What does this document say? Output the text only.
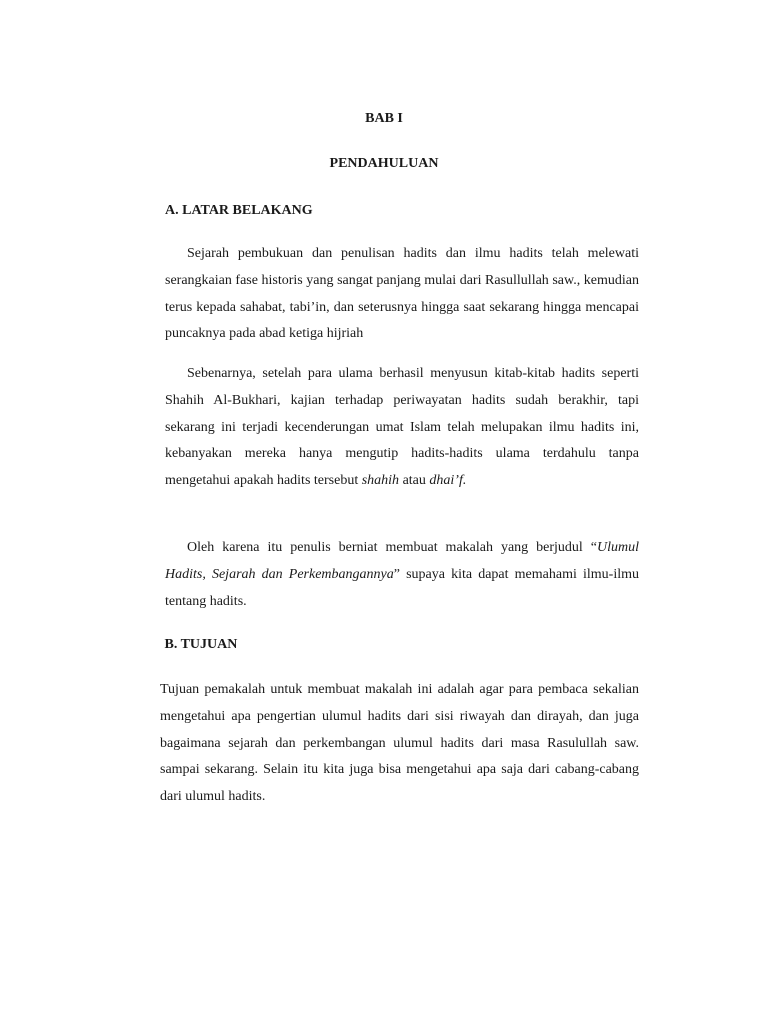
BAB I
PENDAHULUAN
A. LATAR BELAKANG
Sejarah pembukuan dan penulisan hadits dan ilmu hadits telah melewati serangkaian fase historis yang sangat panjang mulai dari Rasullullah saw., kemudian terus kepada sahabat, tabi’in, dan seterusnya hingga saat sekarang hingga mencapai puncaknya pada abad ketiga hijriah
Sebenarnya, setelah para ulama berhasil menyusun kitab-kitab hadits seperti Shahih Al-Bukhari, kajian terhadap periwayatan hadits sudah berakhir, tapi sekarang ini terjadi kecenderungan umat Islam telah melupakan ilmu hadits ini, kebanyakan mereka hanya mengutip hadits-hadits ulama terdahulu tanpa mengetahui apakah hadits tersebut shahih atau dhai’f.
Oleh karena itu penulis berniat membuat makalah yang berjudul “Ulumul Hadits, Sejarah dan Perkembangannya” supaya kita dapat memahami ilmu-ilmu tentang hadits.
B. TUJUAN
Tujuan pemakalah untuk membuat makalah ini adalah agar para pembaca sekalian mengetahui apa pengertian ulumul hadits dari sisi riwayah dan dirayah, dan juga bagaimana sejarah dan perkembangan ulumul hadits dari masa Rasulullah saw. sampai sekarang. Selain itu kita juga bisa mengetahui apa saja dari cabang-cabang dari ulumul hadits.
